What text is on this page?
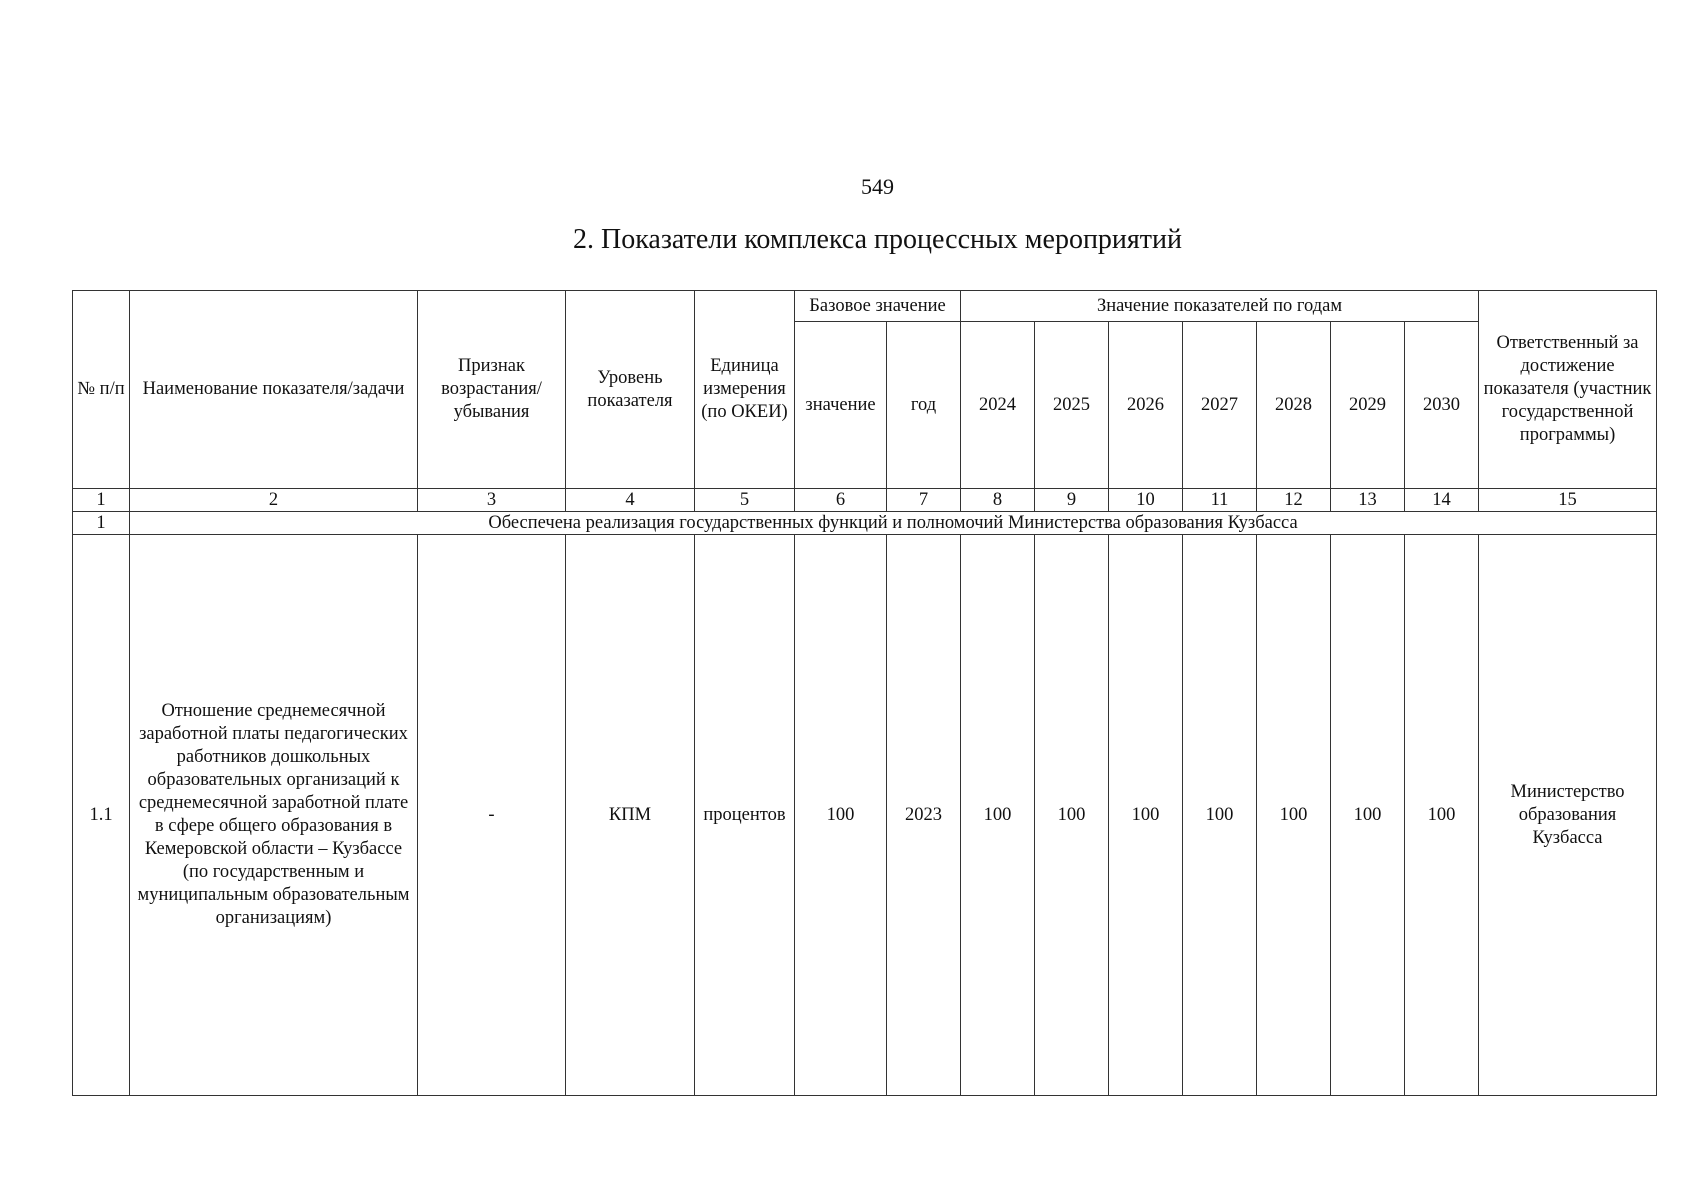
549
2. Показатели комплекса процессных мероприятий
№ п/п	Наименование показателя/задачи	Признак возрастания/ убывания	Уровень показателя	Единица измерения (по ОКЕИ)	Базовое значение		Значение показателей по годам							Ответственный за достижение показателя (участник государственной программы)
					значение	год	2024	2025	2026	2027	2028	2029	2030	
1	2	3	4	5	6	7	8	9	10	11	12	13	14	15
1	Обеспечена реализация государственных функций и полномочий Министерства образования Кузбасса													
1.1	Отношение среднемесячной заработной платы педагогических работников дошкольных образовательных организаций к среднемесячной заработной плате в сфере общего образования в Кемеровской области – Кузбассе (по государственным и муниципальным образовательным организациям)	-	КПМ	процентов	100	2023	100	100	100	100	100	100	100	Министерство образования Кузбасса
